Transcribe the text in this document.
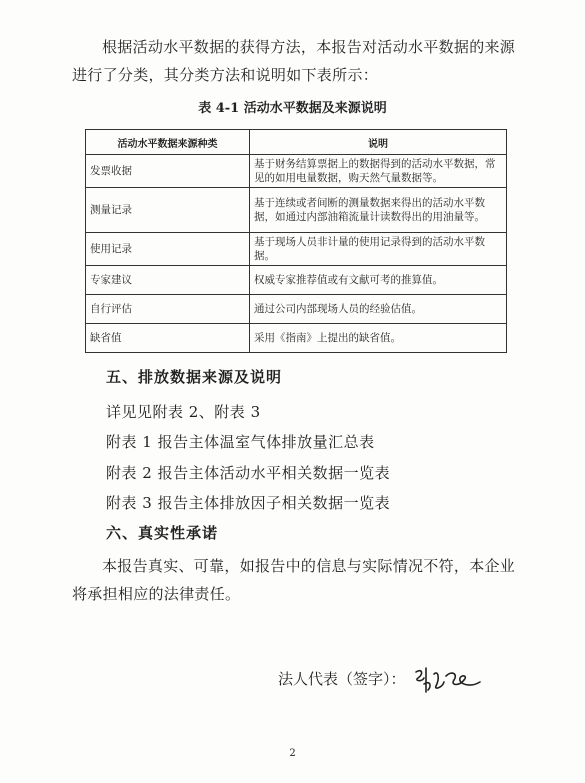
根据活动水平数据的获得方法，本报告对活动水平数据的来源进行了分类，其分类方法和说明如下表所示：
表 4-1 活动水平数据及来源说明
活动水平数据来源种类	说明
发票收据	基于财务结算票据上的数据得到的活动水平数据，常见的如用电量数据，购天然气量数据等。
测量记录	基于连续或者间断的测量数据来得出的活动水平数据，如通过内部油箱流量计读数得出的用油量等。
使用记录	基于现场人员非计量的使用记录得到的活动水平数据。
专家建议	权威专家推荐值或有文献可考的推算值。
自行评估	通过公司内部现场人员的经验估值。
缺省值	采用《指南》上提出的缺省值。
五、排放数据来源及说明
详见见附表 2、附表 3
附表 1 报告主体温室气体排放量汇总表
附表 2 报告主体活动水平相关数据一览表
附表 3 报告主体排放因子相关数据一览表
六、真实性承诺
本报告真实、可靠，如报告中的信息与实际情况不符，本企业将承担相应的法律责任。
法人代表（签字）：
2
